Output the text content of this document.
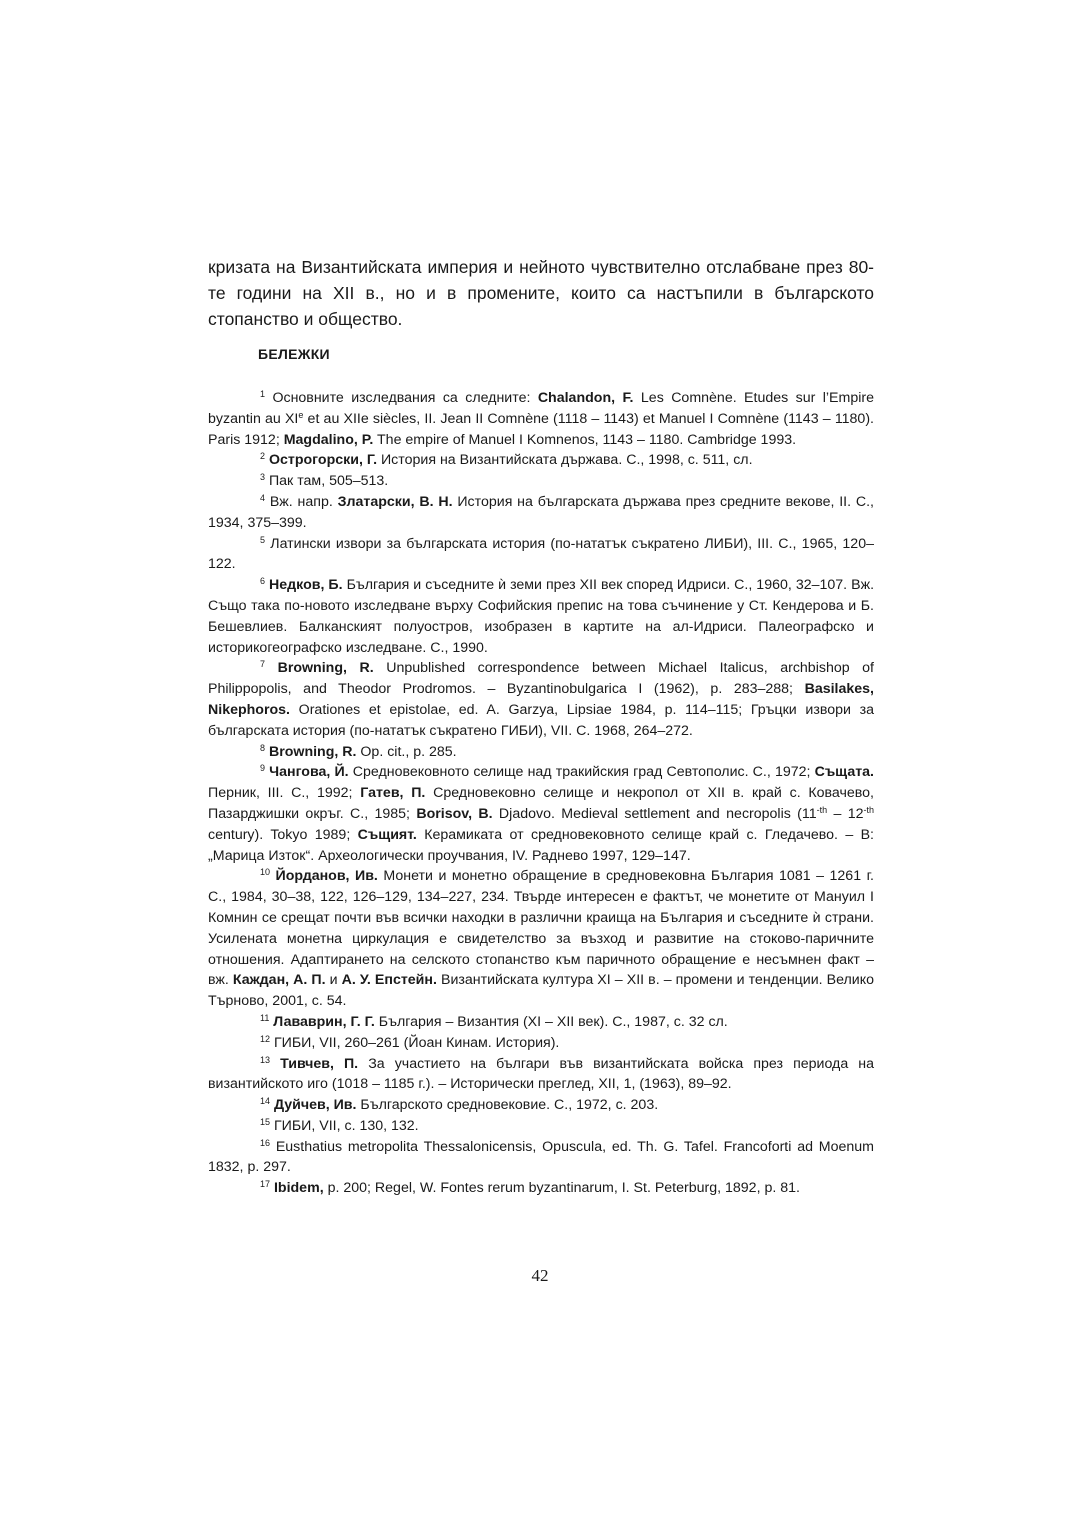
кризата на Византийската империя и нейното чувствително отслабване през 80-те години на XII в., но и в промените, които са настъпили в българското стопанство и общество.

БЕЛЕЖКИ

$^1$ Основните изследвания са следните: Chalandon, F. Les Comnène. Etudes sur l’Empire byzantin au XIe et au XIIe siècles, II. Jean II Comnène (1118 – 1143) et Manuel I Comnène (1143 – 1180). Paris 1912; Magdalino, P. The empire of Manuel I Komnenos, 1143 – 1180. Cambridge 1993.

$^2$ Острогорски, Г. История на Византийската държава. С., 1998, с. 511, сл.

$^3$ Пак там, 505–513.

$^4$ Вж. напр. Златарски, В. Н. История на българската държава през средните векове, II. С., 1934, 375–399.

$^5$ Латински извори за българската история (по-нататък съкратено ЛИБИ), III. С., 1965, 120–122.

$^6$ Недков, Б. България и съседните ѝ земи през XII век според Идриси. С., 1960, 32–107. Вж. Също така по-новото изследване върху Софийския препис на това съчинение у Ст. Кендерова и Б. Бешевлиев. Балканският полуостров, изобразен в картите на ал-Идриси. Палеографско и историкогеографско изследване. С., 1990.

$^7$ Browning, R. Unpublished correspondence between Michael Italicus, archbishop of Philippopolis, and Theodor Prodromos. – Byzantinobulgarica I (1962), p. 283–288; Basilakes, Nikephoros. Orationes et epistolae, ed. A. Garzya, Lipsiae 1984, p. 114–115; Гръцки извори за българската история (по-нататък съкратено ГИБИ), VII. С. 1968, 264–272.

$^8$ Browning, R. Op. cit., p. 285.

$^9$ Чангова, Й. Средновековното селище над тракийския град Севтополис. С., 1972; Същата. Перник, III. С., 1992; Гатев, П. Средновековно селище и некропол от XII в. край с. Ковачево, Пазарджишки окръг. С., 1985; Borisov, B. Djadovo. Medieval settlement and necropolis ($11^{-th} - 12^{-th}$ century). Tokyo 1989; Същият. Керамиката от средновековното селище край с. Гледачево. – В: „Марица Изток“. Археологически проучвания, IV. Раднево 1997, 129–147.

$^{10}$ Йорданов, Ив. Монети и монетно обращение в средновековна България 1081 – 1261 г. С., 1984, 30–38, 122, 126–129, 134–227, 234. Твърде интересен е фактът, че монетите от Мануил I Комнин се срещат почти във всички находки в различни краища на България и съседните ѝ страни. Усилената монетна циркулация е свидетелство за възход и развитие на стоково-паричните отношения. Адаптирането на селското стопанство към паричното обращение е несъмнен факт – вж. Каждан, А. П. и А. У. Епстейн. Византийската култура XI – XII в. – промени и тенденции. Велико Търново, 2001, с. 54.

$^{11}$ Лававрин, Г. Г. България – Византия (XI – XII век). С., 1987, с. 32 сл.

$^{12}$ ГИБИ, VII, 260–261 (Йоан Кинам. История).

$^{13}$ Тивчев, П. За участието на българи във византийската войска през периода на византийското иго (1018 – 1185 г.). – Исторически преглед, XII, 1, (1963), 89–92.

$^{14}$ Дуйчев, Ив. Българското средновековие. С., 1972, с. 203.

$^{15}$ ГИБИ, VII, с. 130, 132.

$^{16}$ Eusthatius metropolita Thessalonicensis, Opuscula, ed. Th. G. Tafel. Francoforti ad Moenum 1832, p. 297.

$^{17}$ Ibidem, p. 200; Regel, W. Fontes rerum byzantinarum, I. St. Peterburg, 1892, p. 81.

42
